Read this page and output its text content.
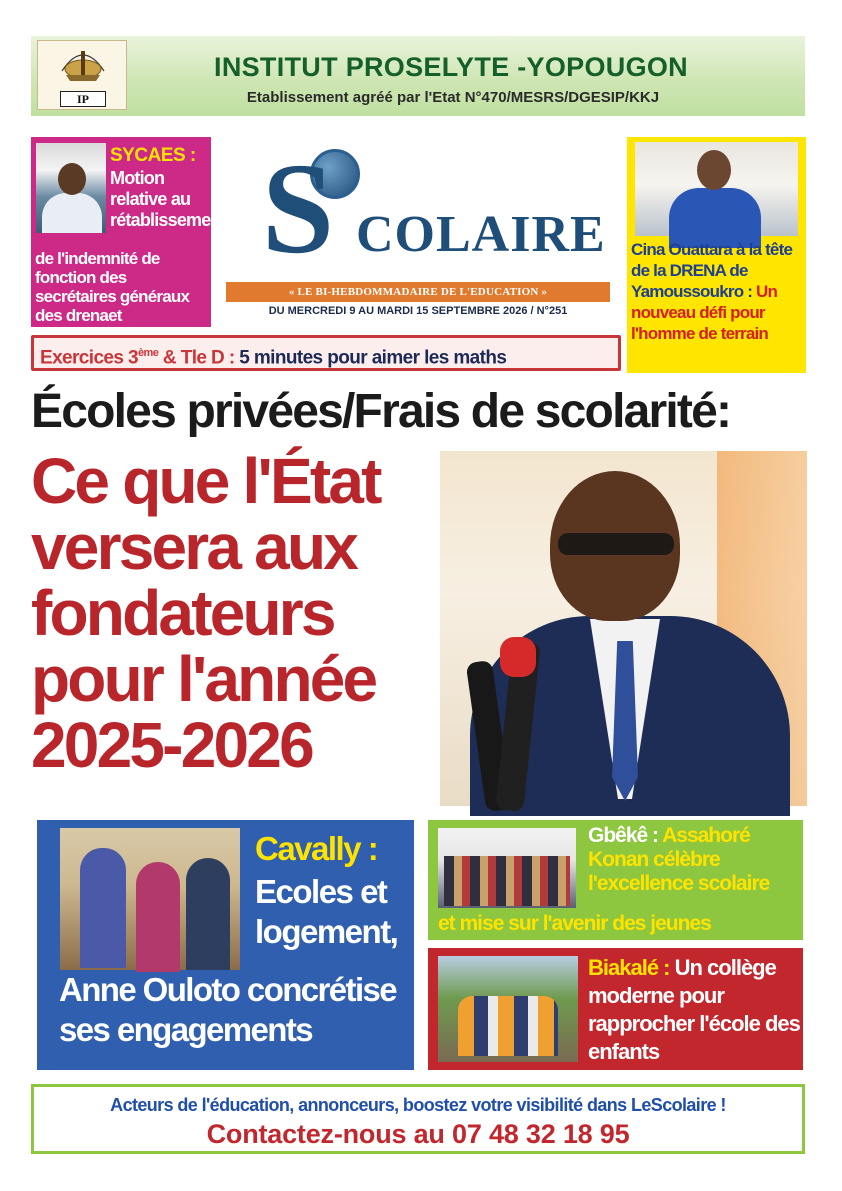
IP
INSTITUT PROSELYTE -YOPOUGON
Etablissement agréé par l'Etat N°470/MESRS/DGESIP/KKJ
SYCAES :
Motion relative au rétablissement
de l'indemnité de fonction des secrétaires généraux des drenaet
S COLAIRE
« LE BI-HEBDOMMADAIRE DE L'EDUCATION »
DU MERCREDI 9 AU MARDI 15 SEPTEMBRE 2026 / N°251
Cina Ouattara à la tête de la DRENA de Yamoussoukro : Un nouveau défi pour l'homme de terrain
Exercices 3ème & Tle D : 5 minutes pour aimer les maths
Écoles privées/Frais de scolarité:
Ce que l'État versera aux fondateurs pour l'année 2025-2026
Cavally :
Ecoles et logement,
Anne Ouloto concrétise ses engagements
Gbêkê : Assahoré Konan célèbre l'excellence scolaire
et mise sur l'avenir des jeunes
Biakalé : Un collège moderne pour rapprocher l'école des enfants
Acteurs de l'éducation, annonceurs, boostez votre visibilité dans LeScolaire !
Contactez-nous au 07 48 32 18 95
